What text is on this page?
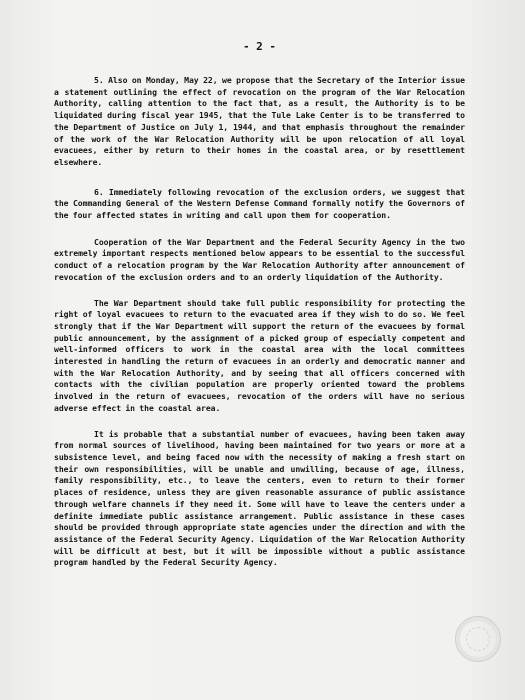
- 2 -

5. Also on Monday, May 22, we propose that the Secretary of the Interior issue a statement outlining the effect of revocation on the program of the War Relocation Authority, calling attention to the fact that, as a result, the Authority is to be liquidated during fiscal year 1945, that the Tule Lake Center is to be transferred to the Department of Justice on July 1, 1944, and that emphasis throughout the remainder of the work of the War Relocation Authority will be upon relocation of all loyal evacuees, either by return to their homes in the coastal area, or by resettlement elsewhere.

6. Immediately following revocation of the exclusion orders, we suggest that the Commanding General of the Western Defense Command formally notify the Governors of the four affected states in writing and call upon them for cooperation.

Cooperation of the War Department and the Federal Security Agency in the two extremely important respects mentioned below appears to be essential to the successful conduct of a relocation program by the War Relocation Authority after announcement of revocation of the exclusion orders and to an orderly liquidation of the Authority.

The War Department should take full public responsibility for protecting the right of loyal evacuees to return to the evacuated area if they wish to do so. We feel strongly that if the War Department will support the return of the evacuees by formal public announcement, by the assignment of a picked group of especially competent and well-informed officers to work in the coastal area with the local committees interested in handling the return of evacuees in an orderly and democratic manner and with the War Relocation Authority, and by seeing that all officers concerned with contacts with the civilian population are properly oriented toward the problems involved in the return of evacuees, revocation of the orders will have no serious adverse effect in the coastal area.

It is probable that a substantial number of evacuees, having been taken away from normal sources of livelihood, having been maintained for two years or more at a subsistence level, and being faced now with the necessity of making a fresh start on their own responsibilities, will be unable and unwilling, because of age, illness, family responsibility, etc., to leave the centers, even to return to their former places of residence, unless they are given reasonable assurance of public assistance through welfare channels if they need it. Some will have to leave the centers under a definite immediate public assistance arrangement. Public assistance in these cases should be provided through appropriate state agencies under the direction and with the assistance of the Federal Security Agency. Liquidation of the War Relocation Authority will be difficult at best, but it will be impossible without a public assistance program handled by the Federal Security Agency.
